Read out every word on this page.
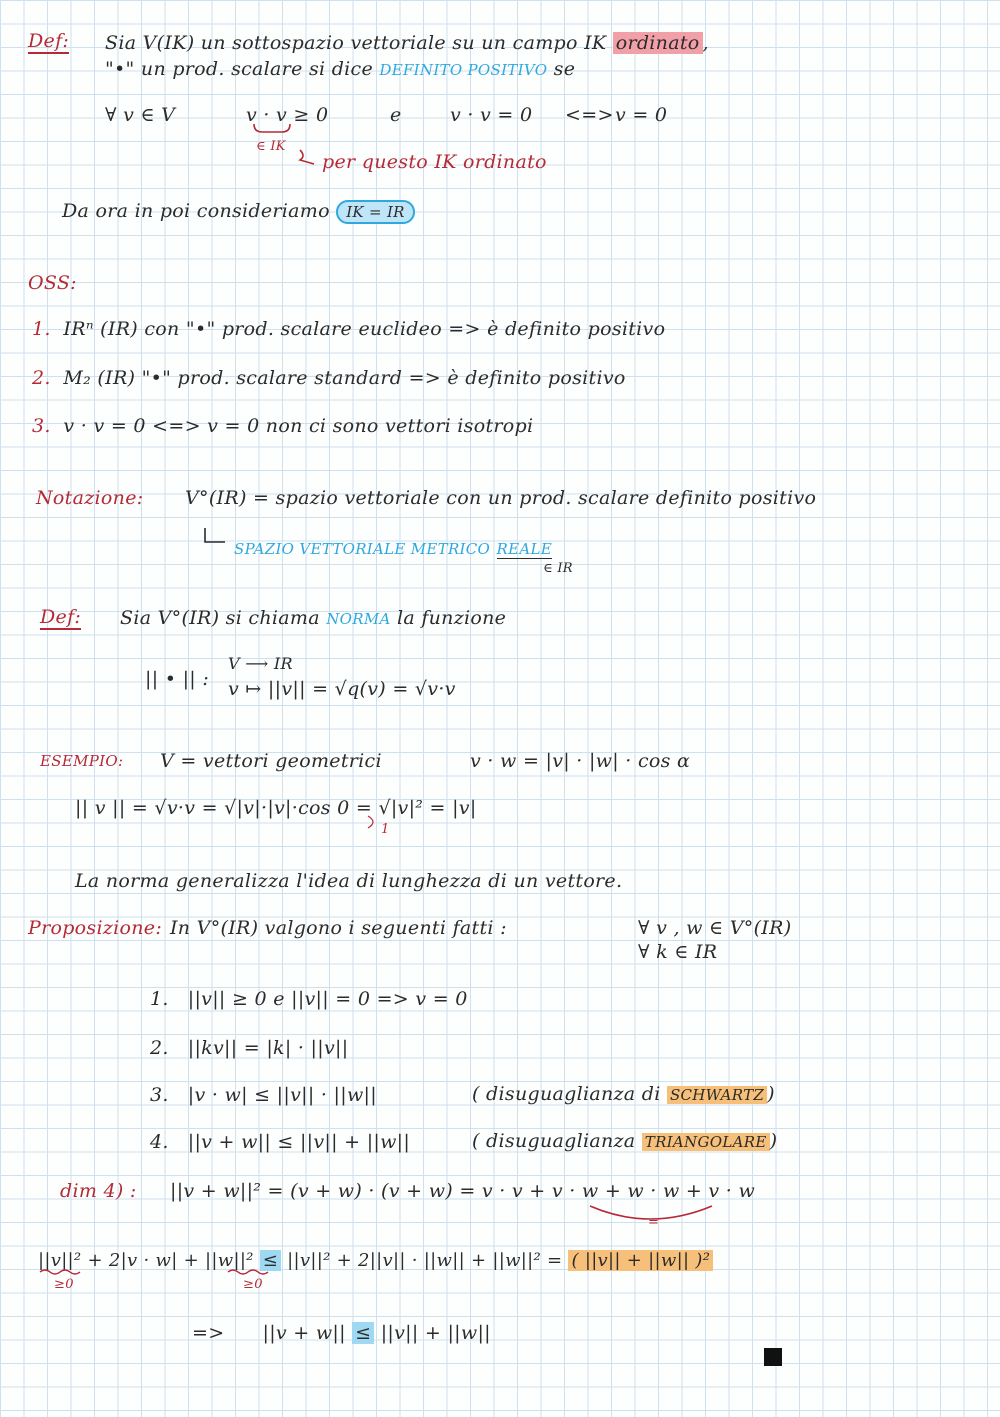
Def: Sia V(IK) un sottospazio vettoriale su un campo IK ordinato ,
"•" un prod. scalare si dice DEFINITO POSITIVO se
∀ v ∈ V	v · v ≥ 0	e	v · v = 0 <=> v = 0
∈ IK
per questo IK ordinato
Da ora in poi consideriamo IK = IR
OSS:
1. IRⁿ (IR) con "•" prod. scalare euclideo => è definito positivo
2. M₂ (IR) "•" prod. scalare standard => è definito positivo
3. v · v = 0 <=> v = 0 non ci sono vettori isotropi
Notazione: V°(IR) = spazio vettoriale con un prod. scalare definito positivo
SPAZIO VETTORIALE METRICO REALE
∈ IR
Def: Sia V°(IR) si chiama NORMA la funzione
|| • || :
V ⟶ IR
v ↦ ||v|| = √q(v) = √v·v
ESEMPIO: V = vettori geometrici	v · w = |v| · |w| · cos α
|| v || = √v·v = √|v|·|v|·cos 0 = √|v|² = |v|
1
La norma generalizza l'idea di lunghezza di un vettore.
Proposizione: In V°(IR) valgono i seguenti fatti :	∀ v , w ∈ V°(IR)
∀ k ∈ IR
1. ||v|| ≥ 0 e ||v|| = 0 => v = 0
2. ||kv|| = |k| · ||v||
3. |v · w| ≤ ||v|| · ||w||	( disuguaglianza di SCHWARTZ )
4. ||v + w|| ≤ ||v|| + ||w||	( disuguaglianza TRIANGOLARE )
dim 4) : ||v + w||² = (v + w) · (v + w) = v · v + v · w + w · w + v · w
=
||v||² + 2|v · w| + ||w||² ≤ ||v||² + 2||v|| · ||w|| + ||w||² = ( ||v|| + ||w|| )²
≥0	≥0
=> ||v + w|| ≤ ||v|| + ||w||
